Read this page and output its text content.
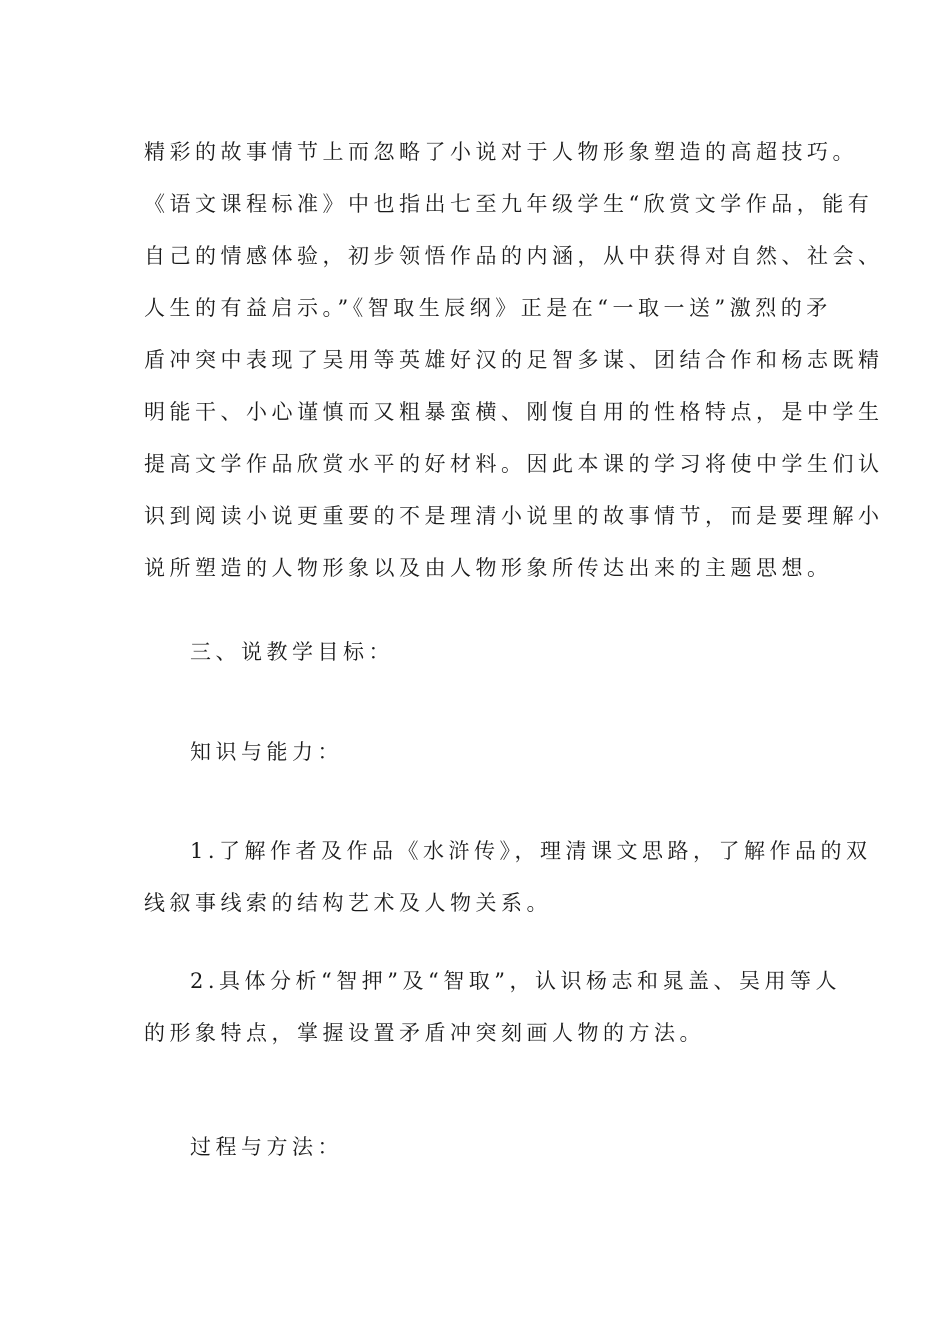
精彩的故事情节上而忽略了小说对于人物形象塑造的高超技巧。
《语文课程标准》中也指出七至九年级学生“欣赏文学作品，能有
自己的情感体验，初步领悟作品的内涵，从中获得对自然、社会、
人生的有益启示。”《智取生辰纲》正是在“一取一送”激烈的矛
盾冲突中表现了吴用等英雄好汉的足智多谋、团结合作和杨志既精
明能干、小心谨慎而又粗暴蛮横、刚愎自用的性格特点，是中学生
提高文学作品欣赏水平的好材料。因此本课的学习将使中学生们认
识到阅读小说更重要的不是理清小说里的故事情节，而是要理解小
说所塑造的人物形象以及由人物形象所传达出来的主题思想。
三、说教学目标：
知识与能力：
1.了解作者及作品《水浒传》，理清课文思路，了解作品的双
线叙事线索的结构艺术及人物关系。
2.具体分析“智押”及“智取”，认识杨志和晁盖、吴用等人
的形象特点，掌握设置矛盾冲突刻画人物的方法。
过程与方法：
